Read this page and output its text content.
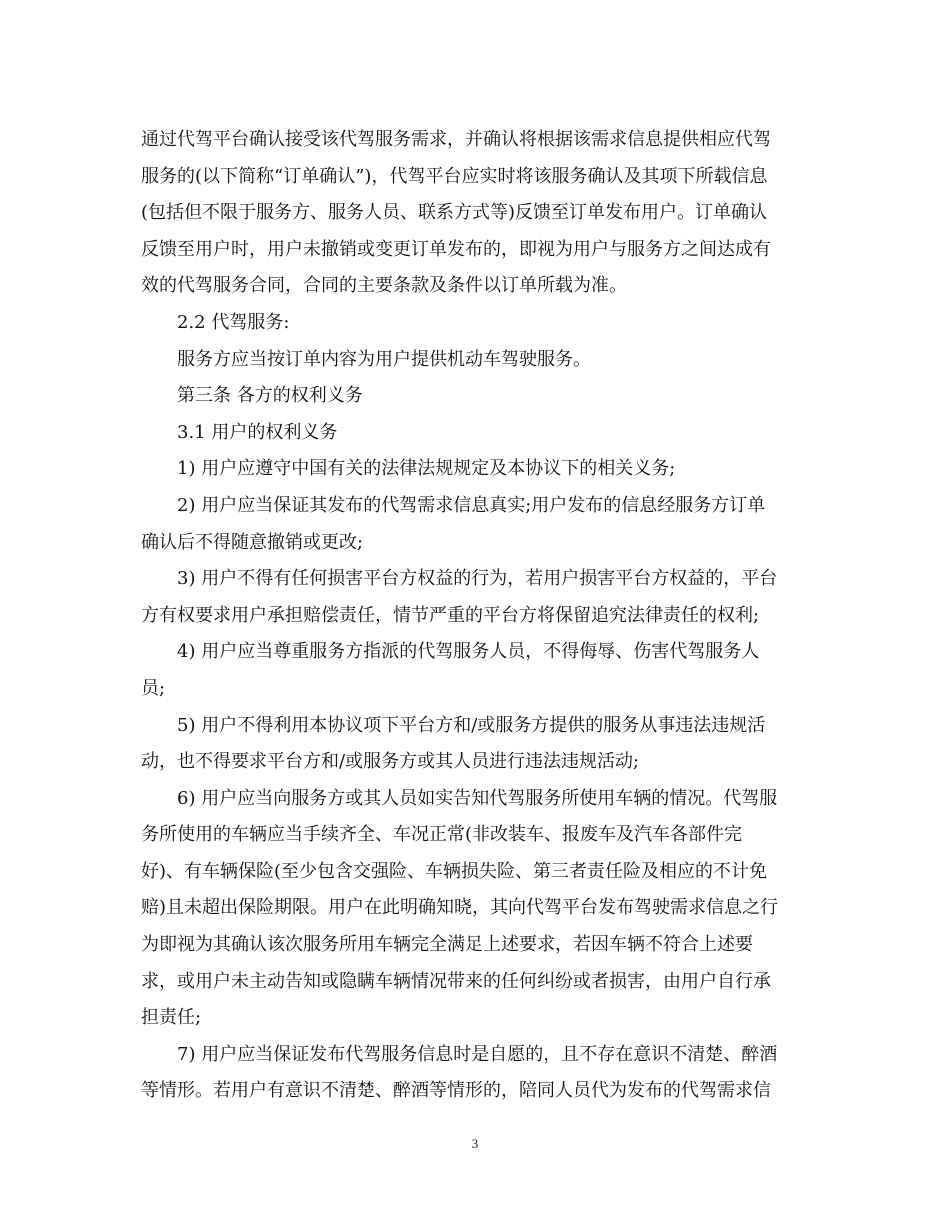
通过代驾平台确认接受该代驾服务需求，并确认将根据该需求信息提供相应代驾
服务的(以下简称“订单确认”)，代驾平台应实时将该服务确认及其项下所载信息
(包括但不限于服务方、服务人员、联系方式等)反馈至订单发布用户。订单确认
反馈至用户时，用户未撤销或变更订单发布的，即视为用户与服务方之间达成有
效的代驾服务合同，合同的主要条款及条件以订单所载为准。
2.2 代驾服务:
服务方应当按订单内容为用户提供机动车驾驶服务。
第三条 各方的权利义务
3.1 用户的权利义务
1) 用户应遵守中国有关的法律法规规定及本协议下的相关义务;
2) 用户应当保证其发布的代驾需求信息真实;用户发布的信息经服务方订单
确认后不得随意撤销或更改;
3) 用户不得有任何损害平台方权益的行为，若用户损害平台方权益的，平台
方有权要求用户承担赔偿责任，情节严重的平台方将保留追究法律责任的权利;
4) 用户应当尊重服务方指派的代驾服务人员，不得侮辱、伤害代驾服务人
员;
5) 用户不得利用本协议项下平台方和/或服务方提供的服务从事违法违规活
动，也不得要求平台方和/或服务方或其人员进行违法违规活动;
6) 用户应当向服务方或其人员如实告知代驾服务所使用车辆的情况。代驾服
务所使用的车辆应当手续齐全、车况正常(非改装车、报废车及汽车各部件完
好)、有车辆保险(至少包含交强险、车辆损失险、第三者责任险及相应的不计免
赔)且未超出保险期限。用户在此明确知晓，其向代驾平台发布驾驶需求信息之行
为即视为其确认该次服务所用车辆完全满足上述要求，若因车辆不符合上述要
求，或用户未主动告知或隐瞒车辆情况带来的任何纠纷或者损害，由用户自行承
担责任;
7) 用户应当保证发布代驾服务信息时是自愿的，且不存在意识不清楚、醉酒
等情形。若用户有意识不清楚、醉酒等情形的，陪同人员代为发布的代驾需求信
3
